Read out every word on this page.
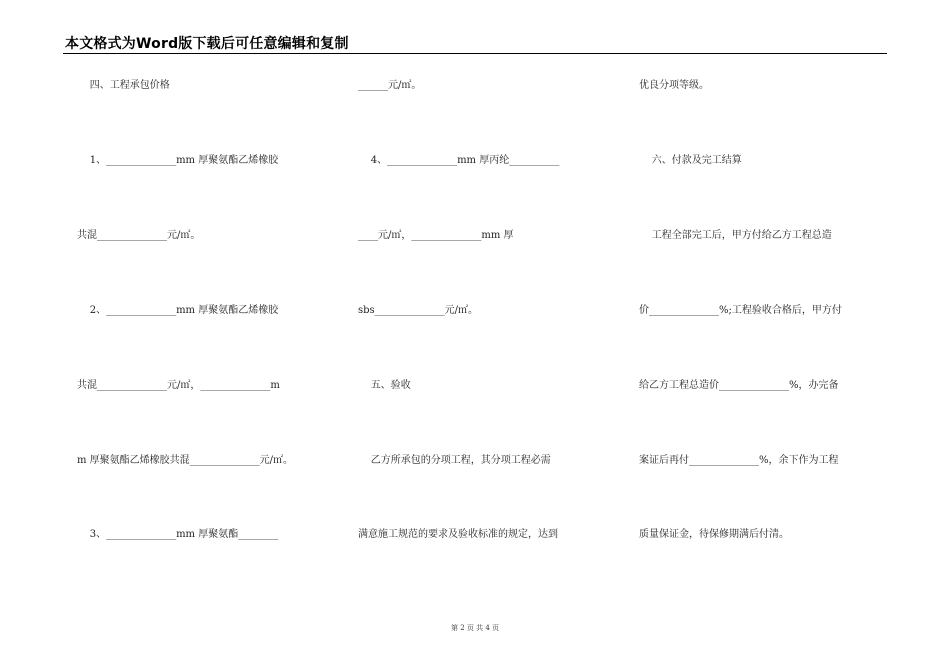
本文格式为Word版下载后可任意编辑和复制
四、工程承包价格
1、______________mm 厚聚氨酯乙烯橡胶
共混______________元/㎡。
2、______________mm 厚聚氨酯乙烯橡胶
共混______________元/㎡，______________m
m 厚聚氨酯乙烯橡胶共混______________元/㎡。
3、______________mm 厚聚氨酯________
______元/㎡。
4、______________mm 厚丙纶__________
____元/㎡，______________mm 厚
sbs______________元/㎡。
五、验收
乙方所承包的分项工程，其分项工程必需
满意施工规范的要求及验收标准的规定，达到
优良分项等级。
六、付款及完工结算
工程全部完工后，甲方付给乙方工程总造
价______________%;工程验收合格后，甲方付
给乙方工程总造价______________%，办完备
案证后再付______________%，余下作为工程
质量保证金，待保修期满后付清。
第 2 页 共 4 页
